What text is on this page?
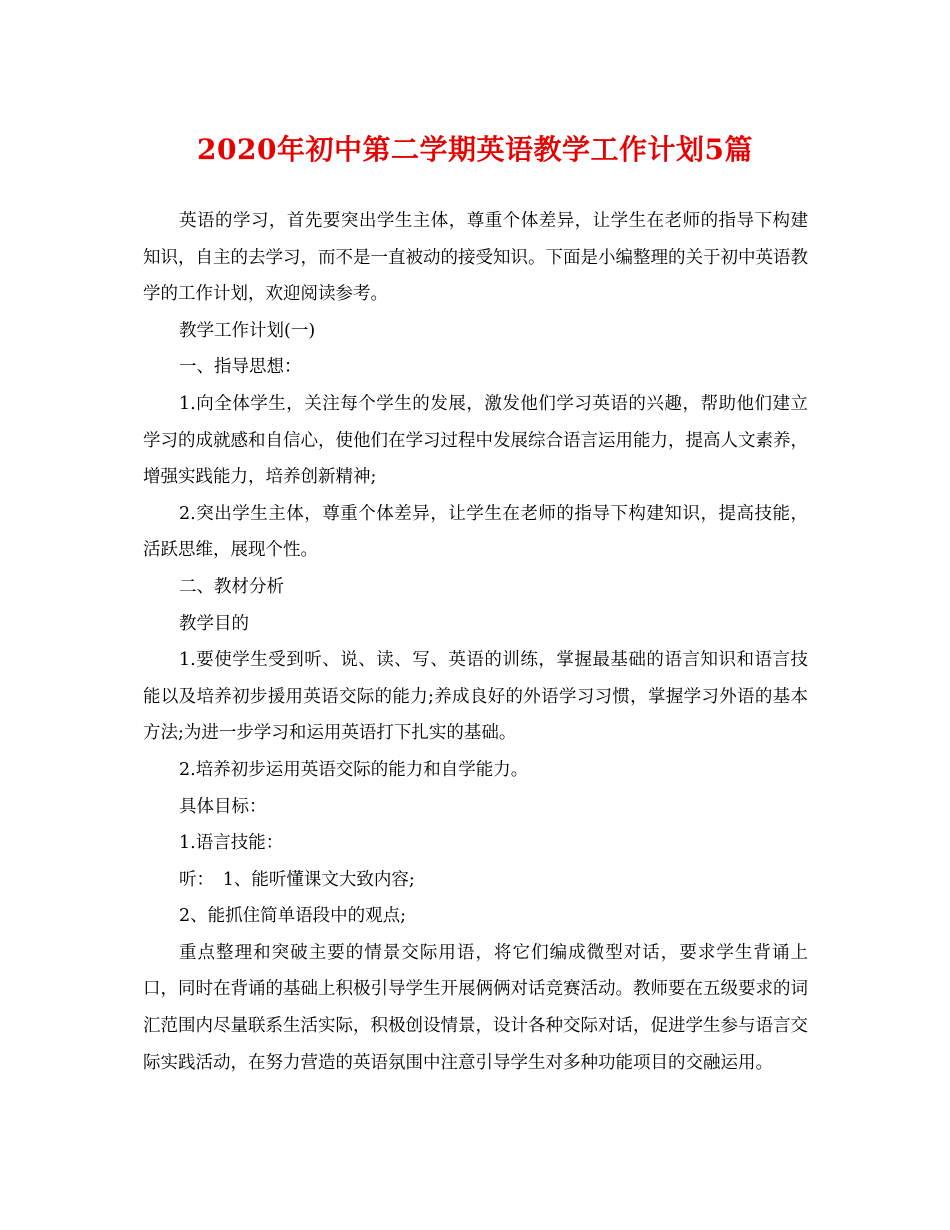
2020年初中第二学期英语教学工作计划5篇

英语的学习，首先要突出学生主体，尊重个体差异，让学生在老师的指导下构建知识，自主的去学习，而不是一直被动的接受知识。下面是小编整理的关于初中英语教学的工作计划，欢迎阅读参考。

教学工作计划(一)

一、指导思想：

1.向全体学生，关注每个学生的发展，激发他们学习英语的兴趣，帮助他们建立学习的成就感和自信心，使他们在学习过程中发展综合语言运用能力，提高人文素养，增强实践能力，培养创新精神;

2.突出学生主体，尊重个体差异，让学生在老师的指导下构建知识，提高技能，活跃思维，展现个性。

二、教材分析

教学目的

1.要使学生受到听、说、读、写、英语的训练，掌握最基础的语言知识和语言技能以及培养初步援用英语交际的能力;养成良好的外语学习习惯，掌握学习外语的基本方法;为进一步学习和运用英语打下扎实的基础。

2.培养初步运用英语交际的能力和自学能力。

具体目标：

1.语言技能：

听：　1、能听懂课文大致内容;

2、能抓住简单语段中的观点;

重点整理和突破主要的情景交际用语，将它们编成微型对话，要求学生背诵上口，同时在背诵的基础上积极引导学生开展俩俩对话竞赛活动。教师要在五级要求的词汇范围内尽量联系生活实际，积极创设情景，设计各种交际对话，促进学生参与语言交际实践活动，在努力营造的英语氛围中注意引导学生对多种功能项目的交融运用。
